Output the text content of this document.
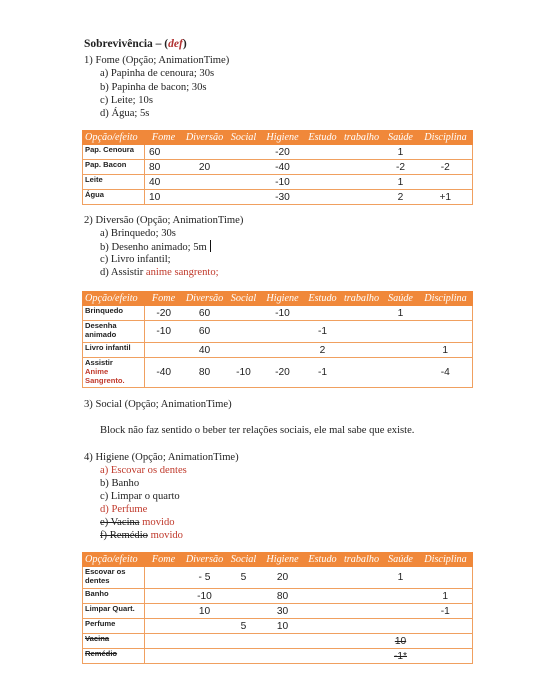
Sobrevivência – (def)
1) Fome (Opção; AnimationTime)
a) Papinha de cenoura; 30s
b) Papinha de bacon; 30s
c) Leite; 10s
d) Água; 5s
Opção/efeito	Fome	Diversão	Social	Higiene	Estudo	trabalho	Saúde	Disciplina
Pap. Cenoura	60			-20			1	
Pap. Bacon	80	20		-40			-2	-2
Leite	40			-10			1	
Água	10			-30			2	+1
2) Diversão (Opção; AnimationTime)
a) Brinquedo; 30s
b) Desenho animado; 5m
c) Livro infantil;
d) Assistir anime sangrento;
Opção/efeito	Fome	Diversão	Social	Higiene	Estudo	trabalho	Saúde	Disciplina
Brinquedo	-20	60		-10			1	
Desenha animado	-10	60			-1			
Livro infantil		40			2			1
Assistir
Anime Sangrento.	-40	80	-10	-20	-1			-4
3) Social (Opção; AnimationTime)
Block não faz sentido o beber ter relações sociais, ele mal sabe que existe.
4) Higiene (Opção; AnimationTime)
a) Escovar os dentes
b) Banho
c) Limpar o quarto
d) Perfume
e) Vacina movido
f) Remédio movido
Opção/efeito	Fome	Diversão	Social	Higiene	Estudo	trabalho	Saúde	Disciplina
Escovar os dentes		- 5	5	20			1	
Banho		-10		80				1
Limpar Quart.		10		30				-1
Perfume			5	10				
Vacina							10	
Remédio							-1*	
